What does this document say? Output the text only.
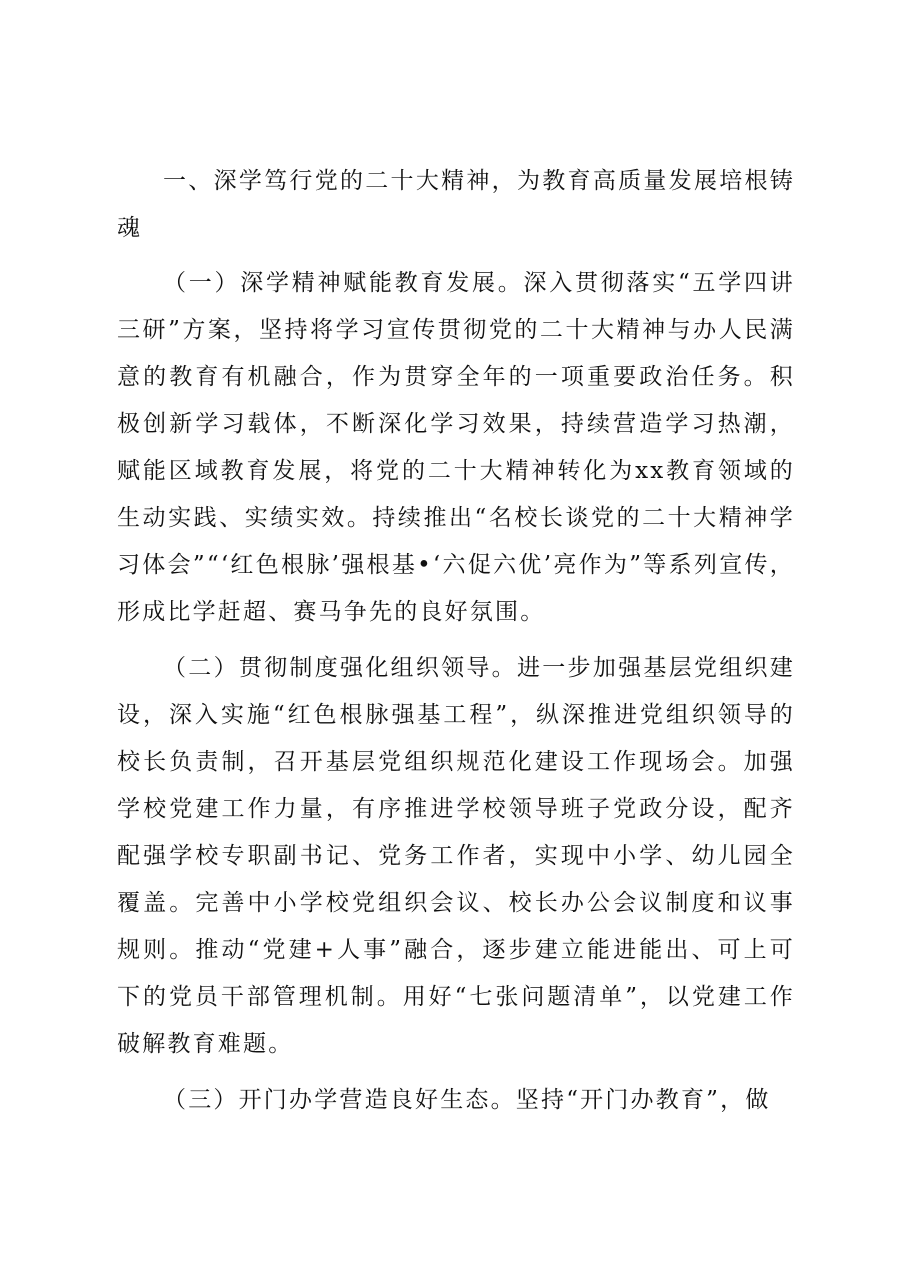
一、深学笃行党的二十大精神，为教育高质量发展培根铸魂

（一）深学精神赋能教育发展。深入贯彻落实“五学四讲三研”方案，坚持将学习宣传贯彻党的二十大精神与办人民满意的教育有机融合，作为贯穿全年的一项重要政治任务。积极创新学习载体，不断深化学习效果，持续营造学习热潮，赋能区域教育发展，将党的二十大精神转化为xx教育领域的生动实践、实绩实效。持续推出“名校长谈党的二十大精神学习体会”“‘红色根脉’强根基•‘六促六优’亮作为”等系列宣传，形成比学赶超、赛马争先的良好氛围。

（二）贯彻制度强化组织领导。进一步加强基层党组织建设，深入实施“红色根脉强基工程”，纵深推进党组织领导的校长负责制，召开基层党组织规范化建设工作现场会。加强学校党建工作力量，有序推进学校领导班子党政分设，配齐配强学校专职副书记、党务工作者，实现中小学、幼儿园全覆盖。完善中小学校党组织会议、校长办公会议制度和议事规则。推动“党建+人事”融合，逐步建立能进能出、可上可下的党员干部管理机制。用好“七张问题清单”，以党建工作破解教育难题。

（三）开门办学营造良好生态。坚持“开门办教育”，做
